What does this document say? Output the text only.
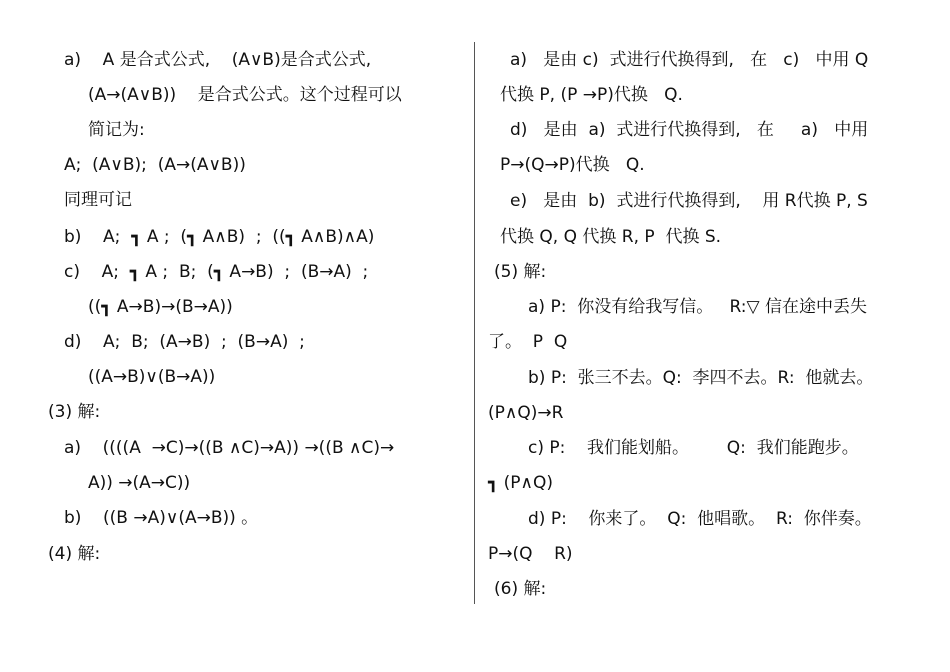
a)    A 是合式公式,    (A∨B)是合式公式,
(A→(A∨B))    是合式公式。这个过程可以
简记为:
A;  (A∨B);  (A→(A∨B))
同理可记
b)    A;  ┓ A ;  (┓ A∧B)  ;  ((┓ A∧B)∧A)
c)    A;  ┓ A ;  B;  (┓ A→B)  ;  (B→A)  ;
((┓ A→B)→(B→A))
d)    A;  B;  (A→B)  ;  (B→A)  ;
((A→B)∨(B→A))
(3) 解:
a)    ((((A  →C)→((B ∧C)→A)) →((B ∧C)→
A)) →(A→C))
b)    ((B →A)∨(A→B)) 。
(4) 解:
a)   是由 c)  式进行代换得到,   在   c)   中用 Q
代换 P, (P →P)代换   Q.
d)   是由  a)  式进行代换得到,   在     a)   中用
P→(Q→P)代换   Q.
e)   是由  b)  式进行代换得到,    用 R代换 P, S
代换 Q, Q 代换 R, P  代换 S.
(5) 解:
a) P:  你没有给我写信。   R:▽ 信在途中丢失
了。  P  Q
b) P:  张三不去。Q:  李四不去。R:  他就去。
(P∧Q)→R
c) P:    我们能划船。       Q:  我们能跑步。
┓ (P∧Q)
d) P:    你来了。  Q:  他唱歌。  R:  你伴奏。
P→(Q    R)
(6) 解:
